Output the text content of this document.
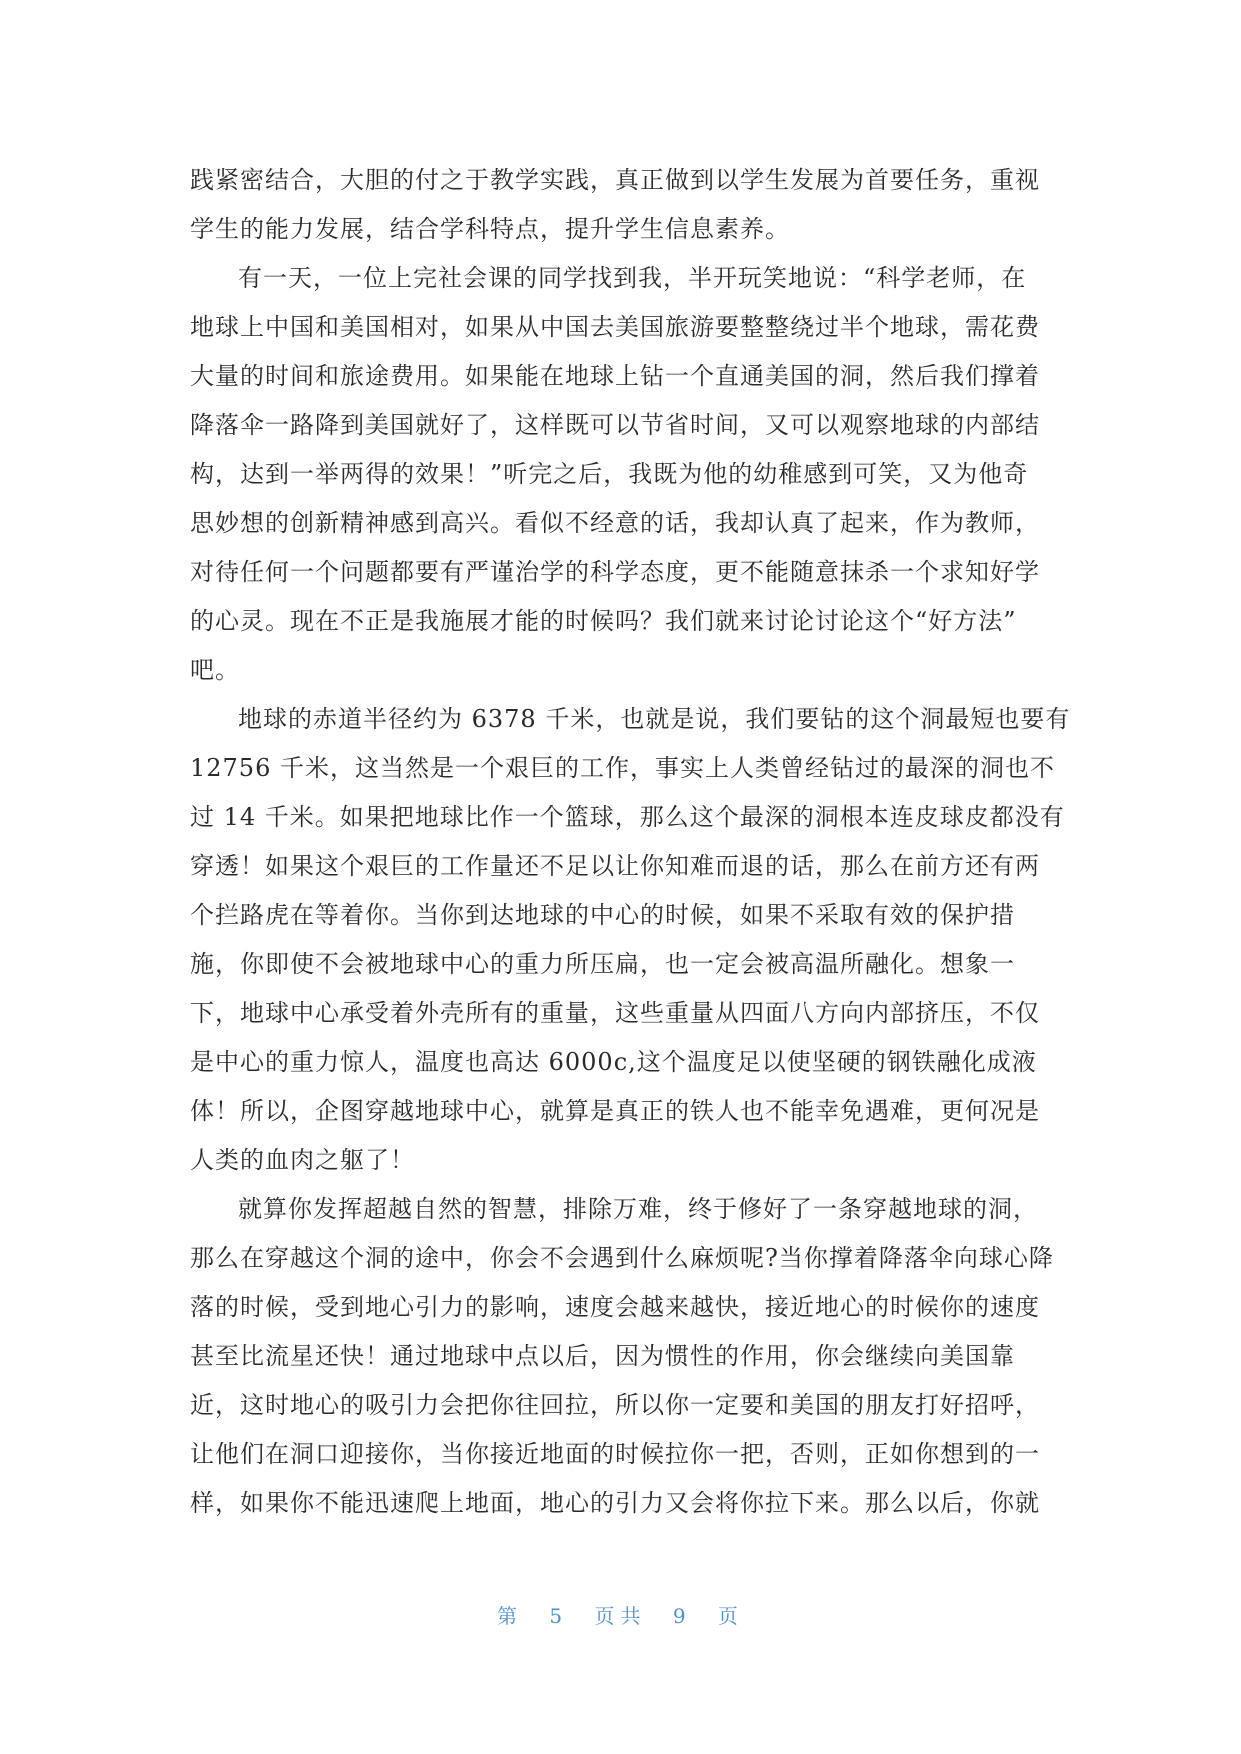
践紧密结合，大胆的付之于教学实践，真正做到以学生发展为首要任务，重视
学生的能力发展，结合学科特点，提升学生信息素养。
有一天，一位上完社会课的同学找到我，半开玩笑地说：“科学老师，在
地球上中国和美国相对，如果从中国去美国旅游要整整绕过半个地球，需花费
大量的时间和旅途费用。如果能在地球上钻一个直通美国的洞，然后我们撑着
降落伞一路降到美国就好了，这样既可以节省时间，又可以观察地球的内部结
构，达到一举两得的效果！”听完之后，我既为他的幼稚感到可笑，又为他奇
思妙想的创新精神感到高兴。看似不经意的话，我却认真了起来，作为教师，
对待任何一个问题都要有严谨治学的科学态度，更不能随意抹杀一个求知好学
的心灵。现在不正是我施展才能的时候吗？我们就来讨论讨论这个“好方法”
吧。
地球的赤道半径约为 6378 千米，也就是说，我们要钻的这个洞最短也要有
12756 千米，这当然是一个艰巨的工作，事实上人类曾经钻过的最深的洞也不
过 14 千米。如果把地球比作一个篮球，那么这个最深的洞根本连皮球皮都没有
穿透！如果这个艰巨的工作量还不足以让你知难而退的话，那么在前方还有两
个拦路虎在等着你。当你到达地球的中心的时候，如果不采取有效的保护措
施，你即使不会被地球中心的重力所压扁，也一定会被高温所融化。想象一
下，地球中心承受着外壳所有的重量，这些重量从四面八方向内部挤压，不仅
是中心的重力惊人，温度也高达 6000c,这个温度足以使坚硬的钢铁融化成液
体！所以，企图穿越地球中心，就算是真正的铁人也不能幸免遇难，更何况是
人类的血肉之躯了！
就算你发挥超越自然的智慧，排除万难，终于修好了一条穿越地球的洞，
那么在穿越这个洞的途中，你会不会遇到什么麻烦呢?当你撑着降落伞向球心降
落的时候，受到地心引力的影响，速度会越来越快，接近地心的时候你的速度
甚至比流星还快！通过地球中点以后，因为惯性的作用，你会继续向美国靠
近，这时地心的吸引力会把你往回拉，所以你一定要和美国的朋友打好招呼，
让他们在洞口迎接你，当你接近地面的时候拉你一把，否则，正如你想到的一
样，如果你不能迅速爬上地面，地心的引力又会将你拉下来。那么以后，你就
第 5 页共 9 页
